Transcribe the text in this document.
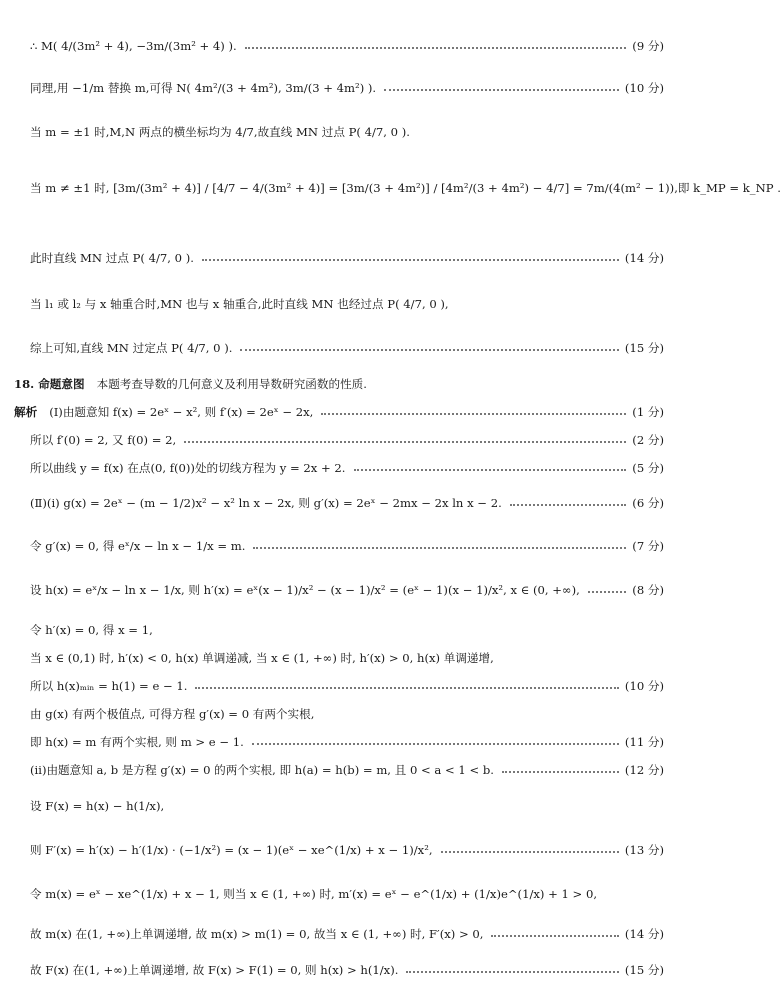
∴ M( 4/(3m² + 4), −3m/(3m² + 4) ).	(9 分)
同理,用 −1/m 替换 m,可得 N( 4m²/(3 + 4m²), 3m/(3 + 4m²) ).	(10 分)
当 m = ±1 时,M,N 两点的横坐标均为 4/7,故直线 MN 过点 P( 4/7, 0 ).
当 m ≠ ±1 时, [3m/(3m² + 4)] / [4/7 − 4/(3m² + 4)] = [3m/(3 + 4m²)] / [4m²/(3 + 4m²) − 4/7] = 7m/(4(m² − 1)),即 k_MP = k_NP .
此时直线 MN 过点 P( 4/7, 0 ).	(14 分)
当 l₁ 或 l₂ 与 x 轴重合时,MN 也与 x 轴重合,此时直线 MN 也经过点 P( 4/7, 0 ),
综上可知,直线 MN 过定点 P( 4/7, 0 ).	(15 分)
18. 命题意图 本题考查导数的几何意义及利用导数研究函数的性质.
解析 (Ⅰ)由题意知 f(x) = 2eˣ − x², 则 f′(x) = 2eˣ − 2x,	(1 分)
所以 f′(0) = 2, 又 f(0) = 2,	(2 分)
所以曲线 y = f(x) 在点(0, f(0))处的切线方程为 y = 2x + 2.	(5 分)
(Ⅱ)(ⅰ) g(x) = 2eˣ − (m − 1/2)x² − x² ln x − 2x, 则 g′(x) = 2eˣ − 2mx − 2x ln x − 2.	(6 分)
令 g′(x) = 0, 得 eˣ/x − ln x − 1/x = m.	(7 分)
设 h(x) = eˣ/x − ln x − 1/x, 则 h′(x) = eˣ(x − 1)/x² − (x − 1)/x² = (eˣ − 1)(x − 1)/x², x ∈ (0, +∞),	(8 分)
令 h′(x) = 0, 得 x = 1,
当 x ∈ (0,1) 时, h′(x) < 0, h(x) 单调递减, 当 x ∈ (1, +∞) 时, h′(x) > 0, h(x) 单调递增,
所以 h(x)ₘᵢₙ = h(1) = e − 1.	(10 分)
由 g(x) 有两个极值点, 可得方程 g′(x) = 0 有两个实根,
即 h(x) = m 有两个实根, 则 m > e − 1.	(11 分)
(ⅱ)由题意知 a, b 是方程 g′(x) = 0 的两个实根, 即 h(a) = h(b) = m, 且 0 < a < 1 < b.	(12 分)
设 F(x) = h(x) − h(1/x),
则 F′(x) = h′(x) − h′(1/x) · (−1/x²) = (x − 1)(eˣ − xe^(1/x) + x − 1)/x²,	(13 分)
令 m(x) = eˣ − xe^(1/x) + x − 1, 则当 x ∈ (1, +∞) 时, m′(x) = eˣ − e^(1/x) + (1/x)e^(1/x) + 1 > 0,
故 m(x) 在(1, +∞)上单调递增, 故 m(x) > m(1) = 0, 故当 x ∈ (1, +∞) 时, F′(x) > 0,	(14 分)
故 F(x) 在(1, +∞)上单调递增, 故 F(x) > F(1) = 0, 则 h(x) > h(1/x).	(15 分)
